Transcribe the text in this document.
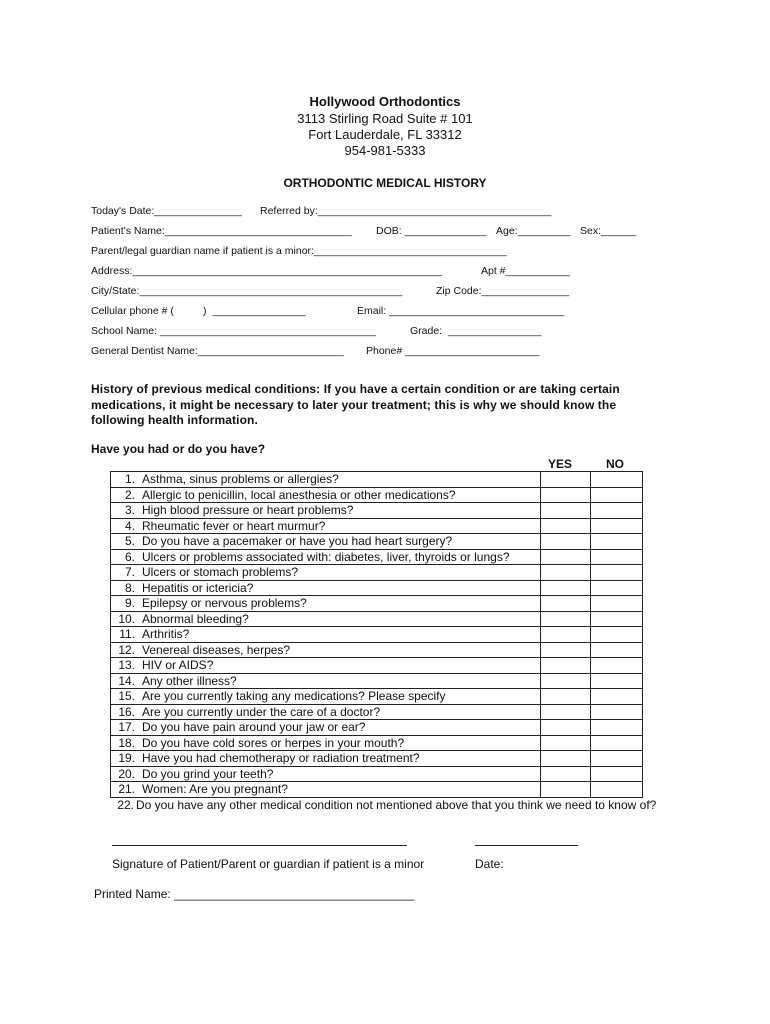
Hollywood Orthodontics
3113 Stirling Road Suite # 101
Fort Lauderdale, FL 33312
954-981-5333
ORTHODONTIC MEDICAL HISTORY
Today's Date:_______________ Referred by:________________________________________
Patient's Name:________________________________ DOB: ______________ Age:_________ Sex:______
Parent/legal guardian name if patient is a minor:_________________________________
Address:_____________________________________________________	Apt #___________
City/State:_____________________________________________	Zip Code:_______________
Cellular phone # (          )  ________________	Email: ______________________________
School Name: _____________________________________	Grade:  ________________
General Dentist Name:_________________________ Phone# _______________________
History of previous medical conditions: If you have a certain condition or are taking certain medications, it might be necessary to later your treatment; this is why we should know the following health information.
Have you had or do you have?
YES	NO
1.	Asthma, sinus problems or allergies?		
2.	Allergic to penicillin, local anesthesia or other medications?		
3.	High blood pressure or heart problems?		
4.	Rheumatic fever or heart murmur?		
5.	Do you have a pacemaker or have you had heart surgery?		
6.	Ulcers or problems associated with: diabetes, liver, thyroids or lungs?		
7.	Ulcers or stomach problems?		
8.	Hepatitis or ictericia?		
9.	Epilepsy or nervous problems?		
10.	Abnormal bleeding?		
11.	Arthritis?		
12.	Venereal diseases, herpes?		
13.	HIV or AIDS?		
14.	Any other illness?		
15.	Are you currently taking any medications? Please specify		
16.	Are you currently under the care of a doctor?		
17.	Do you have pain around your jaw or ear?		
18.	Do you have cold sores or herpes in your mouth?		
19.	Have you had chemotherapy or radiation treatment?		
20.	Do you grind your teeth?		
21.	Women: Are you pregnant?		
22. Do you have any other medical condition not mentioned above that you think we need to know of?
Signature of Patient/Parent or guardian if patient is a minor	Date:
Printed Name: ____________________________________
